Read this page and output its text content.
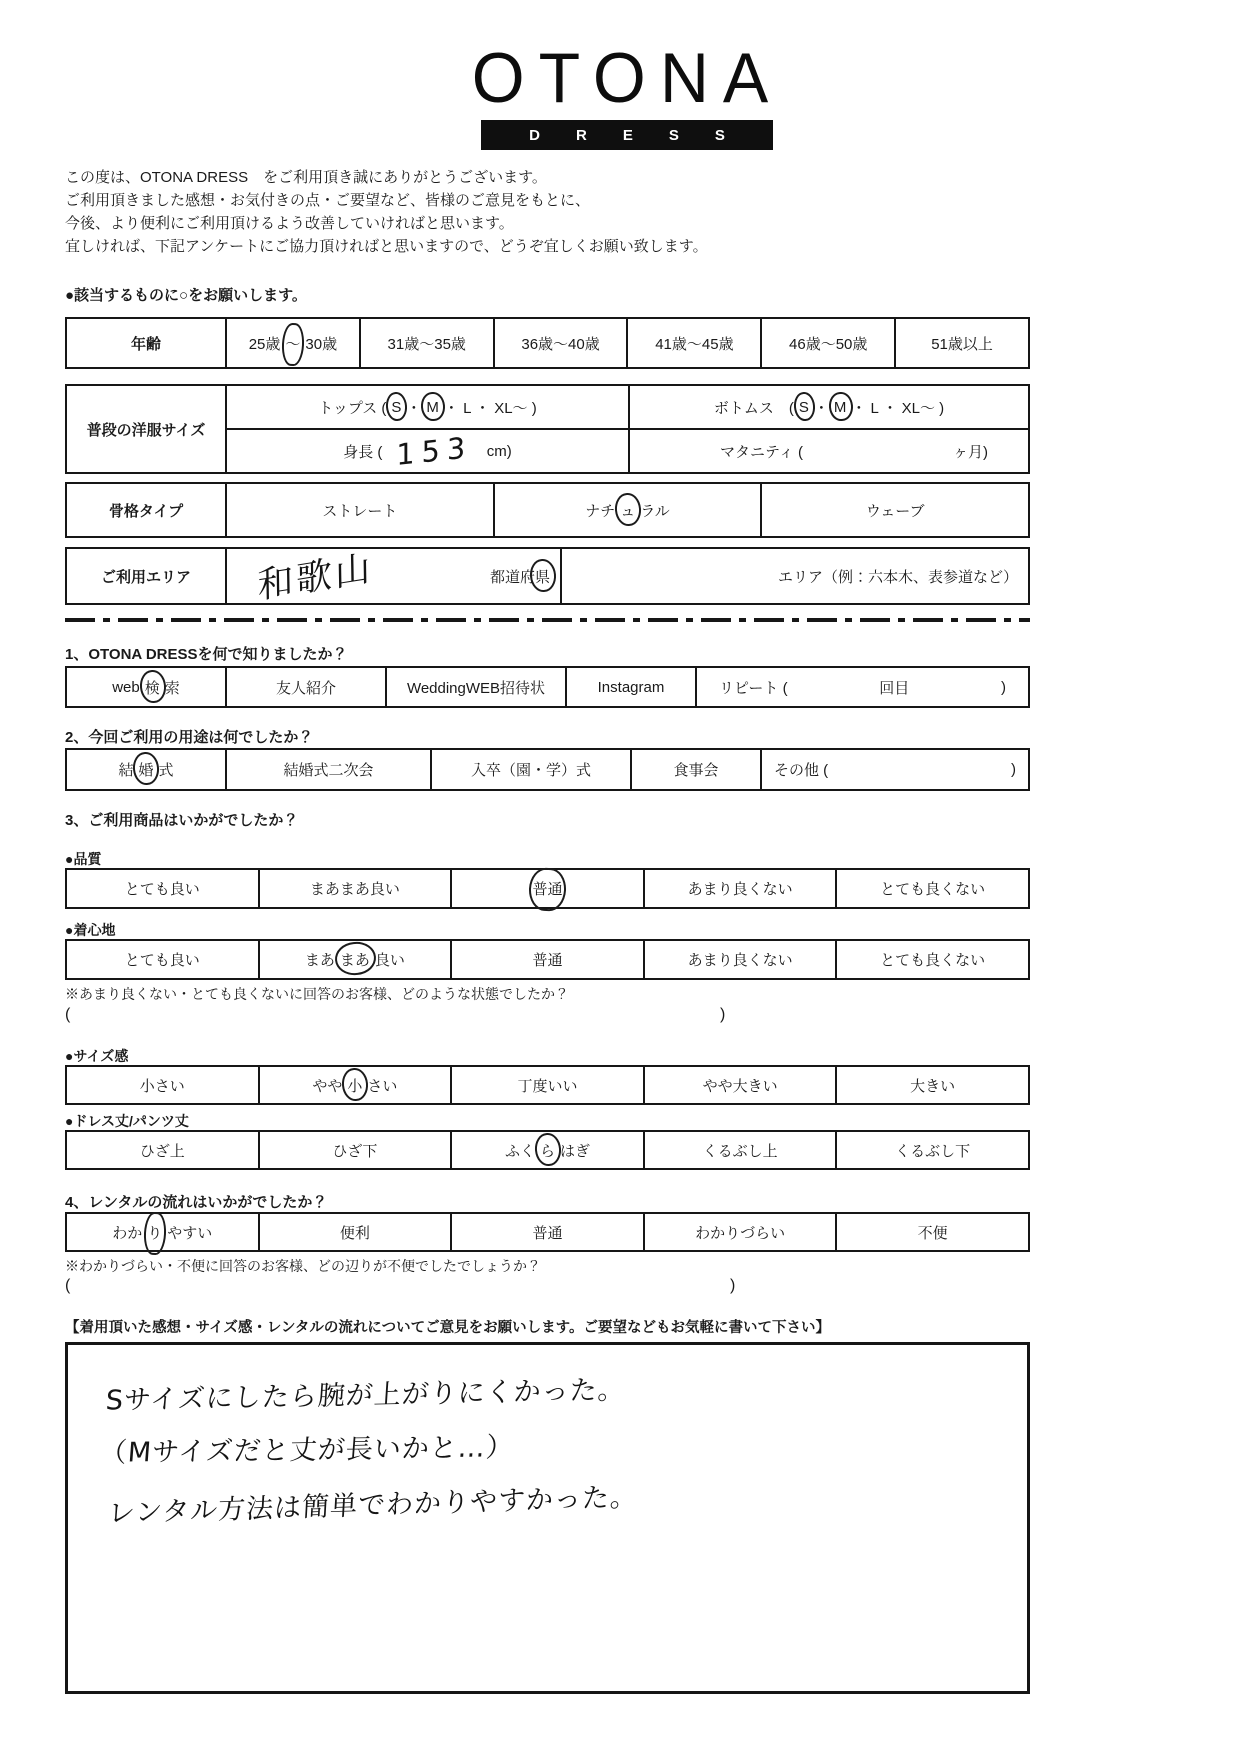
OTONA
DRESS
この度は、OTONA DRESS　をご利用頂き誠にありがとうございます。
ご利用頂きました感想・お気付きの点・ご要望など、皆様のご意見をもとに、
今後、より便利にご利用頂けるよう改善していければと思います。
宜しければ、下記アンケートにご協力頂ければと思いますので、どうぞ宜しくお願い致します。
●該当するものに○をお願いします。
年齢	25歳 ～ 30歳	31歳～35歳	36歳～40歳	41歳～45歳	46歳～50歳	51歳以上
普段の洋服サイズ
トップス ( S ・ M ・ L ・ XL～ )	ボトムス　( S ・ M ・ L ・ XL～ )
身長 ( 153 cm)	マタニティ (	ヶ月)
骨格タイプ	ストレート	ナチ ュ ラル	ウェーブ
ご利用エリア	和歌山	都道府県	エリア（例：六本木、表参道など）
1、OTONA DRESSを何で知りましたか？
web 検 索	友人紹介	WeddingWEB招待状	Instagram	リピート (	回目	)
2、今回ご利用の用途は何でしたか？
結 婚 式	結婚式二次会	入卒（園・学）式	食事会	その他 (	)
3、ご利用商品はいかがでしたか？
●品質
とても良い	まあまあ良い	普通	あまり良くない	とても良くない
●着心地
とても良い	まあ まあ 良い	普通	あまり良くない	とても良くない
※あまり良くない・とても良くないに回答のお客様、どのような状態でしたか？
(	)
●サイズ感
小さい	やや 小 さい	丁度いい	やや大きい	大きい
●ドレス丈/パンツ丈
ひざ上	ひざ下	ふく ら はぎ	くるぶし上	くるぶし下
4、レンタルの流れはいかがでしたか？
わか り やすい	便利	普通	わかりづらい	不便
※わかりづらい・不便に回答のお客様、どの辺りが不便でしたでしょうか？
(	)
【着用頂いた感想・サイズ感・レンタルの流れについてご意見をお願いします。ご要望などもお気軽に書いて下さい】
Sサイズにしたら腕が上がりにくかった。 （Mサイズだと丈が長いかと…） レンタル方法は簡単でわかりやすかった。
